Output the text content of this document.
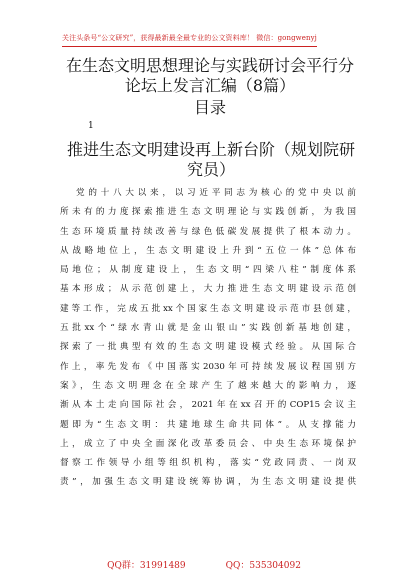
关注头条号“公文研究”，获得最新最全最专业的公文资料库！ 微信：gongwenyj
在生态文明思想理论与实践研讨会平行分
论坛上发言汇编（8篇）
目录
1
推进生态文明建设再上新台阶（规划院研
究员）
党的十八大以来，以习近平同志为核心的党中央以前
所未有的力度探索推进生态文明理论与实践创新，为我国
生态环境质量持续改善与绿色低碳发展提供了根本动力。
从战略地位上，生态文明建设上升到“五位一体”总体布
局地位；从制度建设上，生态文明“四梁八柱”制度体系
基本形成；从示范创建上，大力推进生态文明建设示范创
建等工作，完成五批xx个国家生态文明建设示范市县创建，
五批xx个“绿水青山就是金山银山”实践创新基地创建，
探索了一批典型有效的生态文明建设模式经验。从国际合
作上，率先发布《中国落实2030年可持续发展议程国别方
案》，生态文明理念在全球产生了越来越大的影响力，逐
渐从本土走向国际社会，2021年在xx召开的COP15会议主
题即为“生态文明：共建地球生命共同体”。从支撑能力
上，成立了中央全面深化改革委员会、中央生态环境保护
督察工作领导小组等组织机构，落实“党政同责、一岗双
责”，加强生态文明建设统筹协调，为生态文明建设提供
QQ群：31991489	QQ：535304092
